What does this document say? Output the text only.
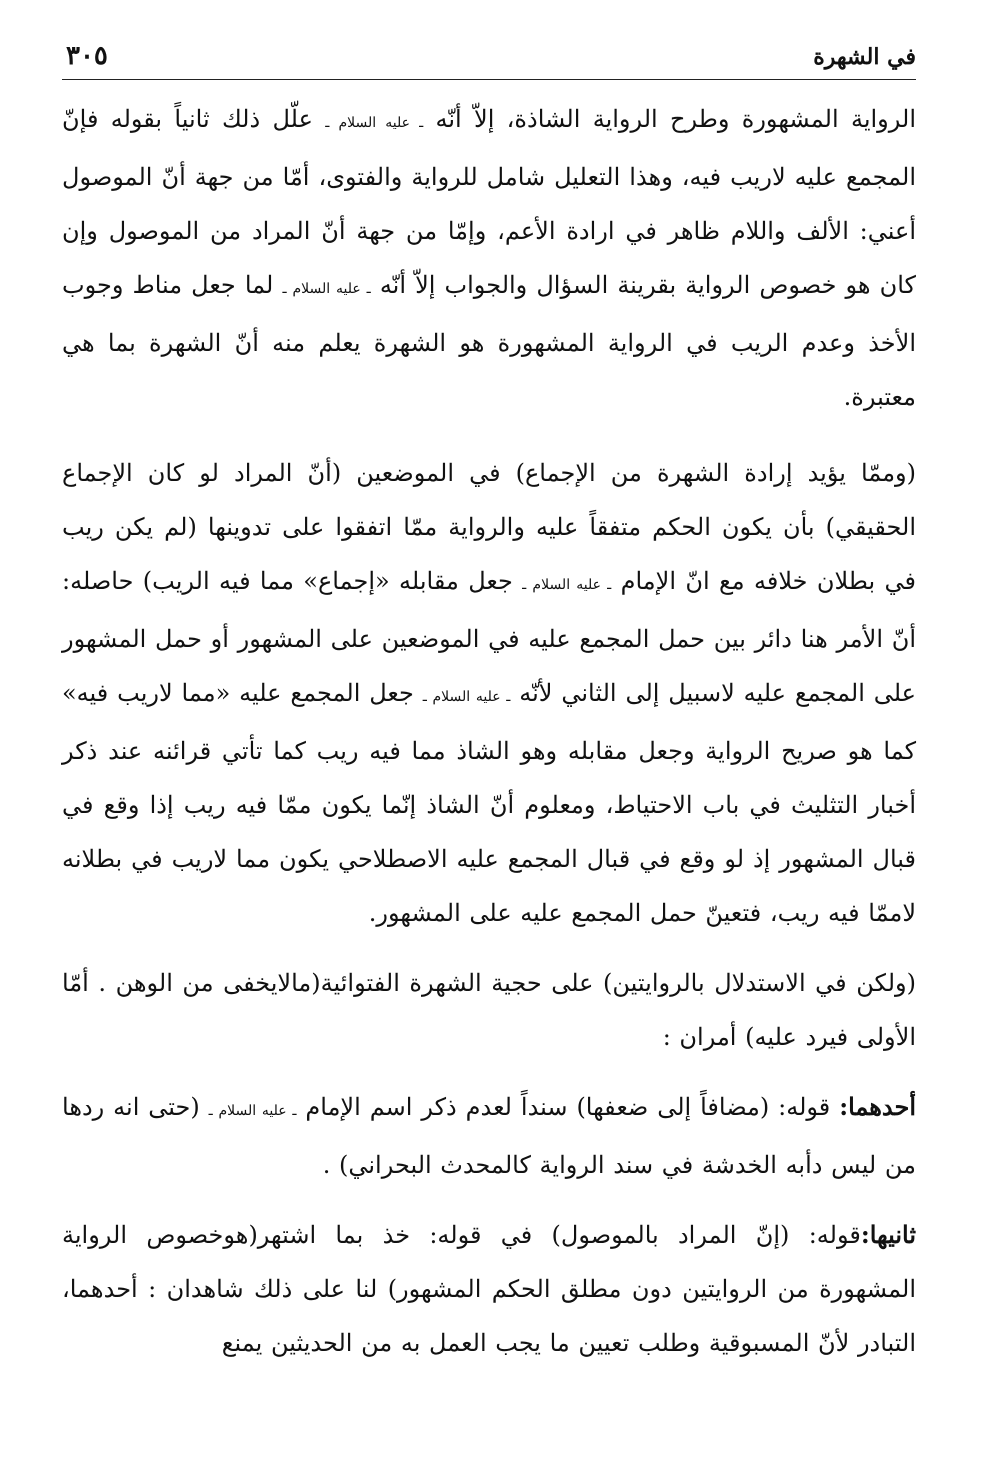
٣٠٥	في الشهرة

الرواية المشهورة وطرح الرواية الشاذة، إلاّ أنّه ـ عليه السلام ـ علّل ذلك ثانياً بقوله فإنّ المجمع عليه لاريب فيه، وهذا التعليل شامل للرواية والفتوى، أمّا من جهة أنّ الموصول أعني: الألف واللام ظاهر في ارادة الأعم، وإمّا من جهة أنّ المراد من الموصول وإن كان هو خصوص الرواية بقرينة السؤال والجواب إلاّ أنّه ـ عليه السلام ـ لما جعل مناط وجوب الأخذ وعدم الريب في الرواية المشهورة هو الشهرة يعلم منه أنّ الشهرة بما هي معتبرة.

(وممّا يؤيد إرادة الشهرة من الإجماع) في الموضعين (أنّ المراد لو كان الإجماع الحقيقي) بأن يكون الحكم متفقاً عليه والرواية ممّا اتفقوا على تدوينها (لم يكن ريب في بطلان خلافه مع انّ الإمام ـ عليه السلام ـ جعل مقابله «إجماع» مما فيه الريب) حاصله: أنّ الأمر هنا دائر بين حمل المجمع عليه في الموضعين على المشهور أو حمل المشهور على المجمع عليه لاسبيل إلى الثاني لأنّه ـ عليه السلام ـ جعل المجمع عليه «مما لاريب فيه» كما هو صريح الرواية وجعل مقابله وهو الشاذ مما فيه ريب كما تأتي قرائنه عند ذكر أخبار التثليث في باب الاحتياط، ومعلوم أنّ الشاذ إنّما يكون ممّا فيه ريب إذا وقع في قبال المشهور إذ لو وقع في قبال المجمع عليه الاصطلاحي يكون مما لاريب في بطلانه لاممّا فيه ريب، فتعينّ حمل المجمع عليه على المشهور.

(ولكن في الاستدلال بالروايتين) على حجية الشهرة الفتوائية(مالايخفى من الوهن . أمّا الأولى فيرد عليه) أمران :

أحدهما: قوله: (مضافاً إلى ضعفها) سنداً لعدم ذكر اسم الإمام ـ عليه السلام ـ (حتى انه ردها من ليس دأبه الخدشة في سند الرواية كالمحدث البحراني) .

ثانيها:قوله: (إنّ المراد بالموصول) في قوله: خذ بما اشتهر(هوخصوص الرواية المشهورة من الروايتين دون مطلق الحكم المشهور) لنا على ذلك شاهدان : أحدهما، التبادر لأنّ المسبوقية وطلب تعيين ما يجب العمل به من الحديثين يمنع
